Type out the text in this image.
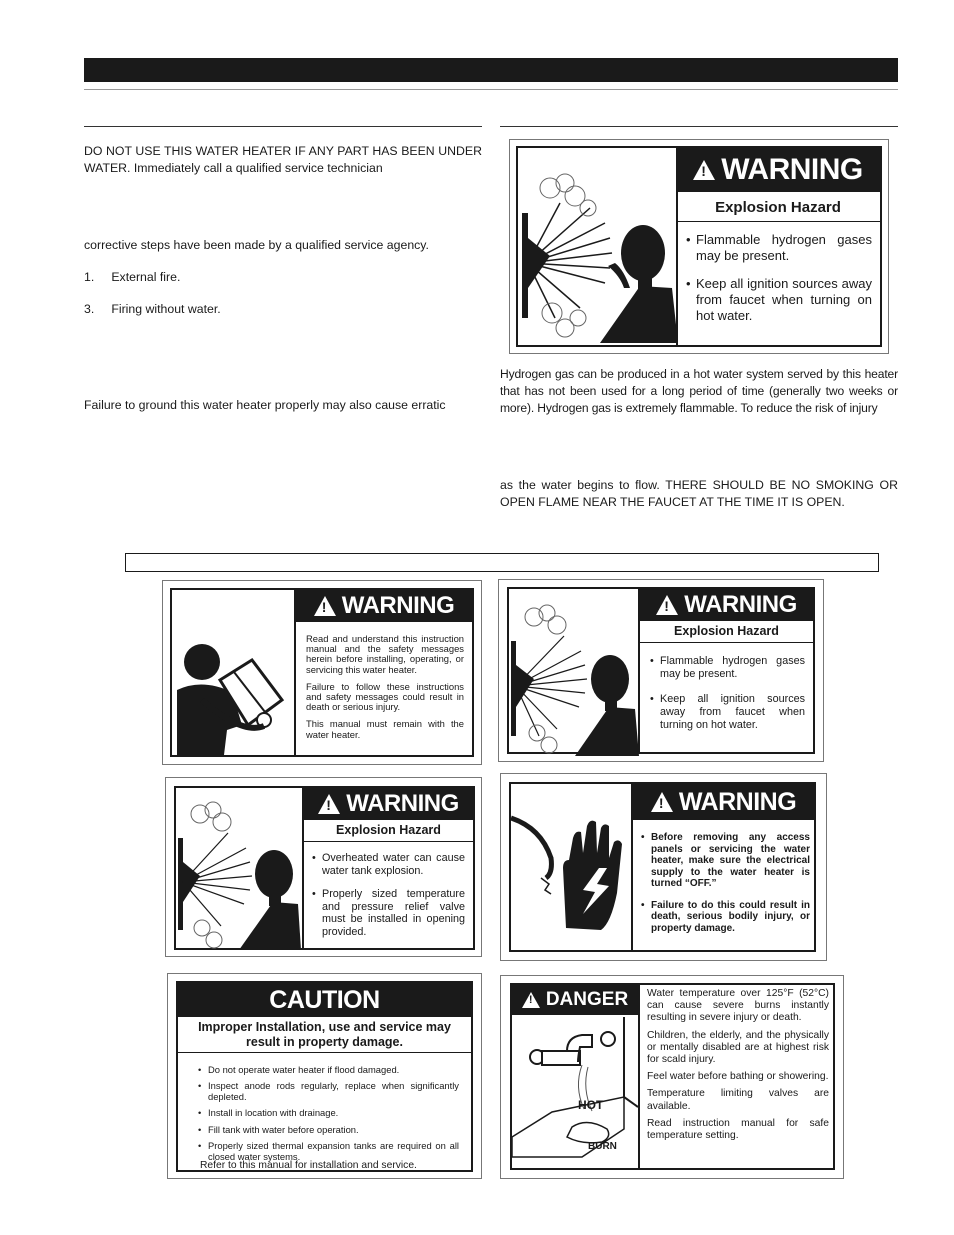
DO NOT USE THIS WATER HEATER IF ANY PART HAS BEEN UNDER WATER. Immediately call a qualified service technician
corrective steps have been made by a qualified service agency.
1.     External fire.
3.     Firing without water.
Failure to ground this water heater properly may also cause erratic
! WARNING
Explosion Hazard
• Flammable hydrogen gases may be present.
• Keep all ignition sources away from faucet when turning on hot water.
Hydrogen gas can be produced in a hot water system served by this heater that has not been used for a long period of time (generally two weeks or more). Hydrogen gas is extremely flammable. To reduce the risk of injury
as the water begins to flow. THERE SHOULD BE NO SMOKING OR OPEN FLAME NEAR THE FAUCET AT THE TIME IT IS OPEN.
! WARNING

Read and understand this instruction manual and the safety messages herein before installing, operating, or servicing this water heater.

Failure to follow these instructions and safety messages could result in death or serious injury.

This manual must remain with the water heater.

! WARNING
Explosion Hazard
• Flammable hydrogen gases may be present.
• Keep all ignition sources away from faucet when turning on hot water.
! WARNING
Explosion Hazard
• Overheated water can cause water tank explosion.
• Properly sized temperature and pressure relief valve must be installed in opening provided.
! WARNING
• Before removing any access panels or servicing the water heater, make sure the electrical supply to the water heater is turned “OFF.”
• Failure to do this could result in death, serious bodily injury, or property damage.
CAUTION
Improper Installation, use and service may result in property damage.
• Do not operate water heater if flood damaged.
• Inspect anode rods regularly, replace when significantly depleted.
• Install in location with drainage.
• Fill tank with water before operation.
• Properly sized thermal expansion tanks are required on all closed water systems.
Refer to this manual for installation and service.
! DANGER
HOT
BURN

Water temperature over 125°F (52°C) can cause severe burns instantly resulting in severe injury or death.

Children, the elderly, and the physically or mentally disabled are at highest risk for scald injury.

Feel water before bathing or showering.

Temperature limiting valves are available.

Read instruction manual for safe temperature setting.
